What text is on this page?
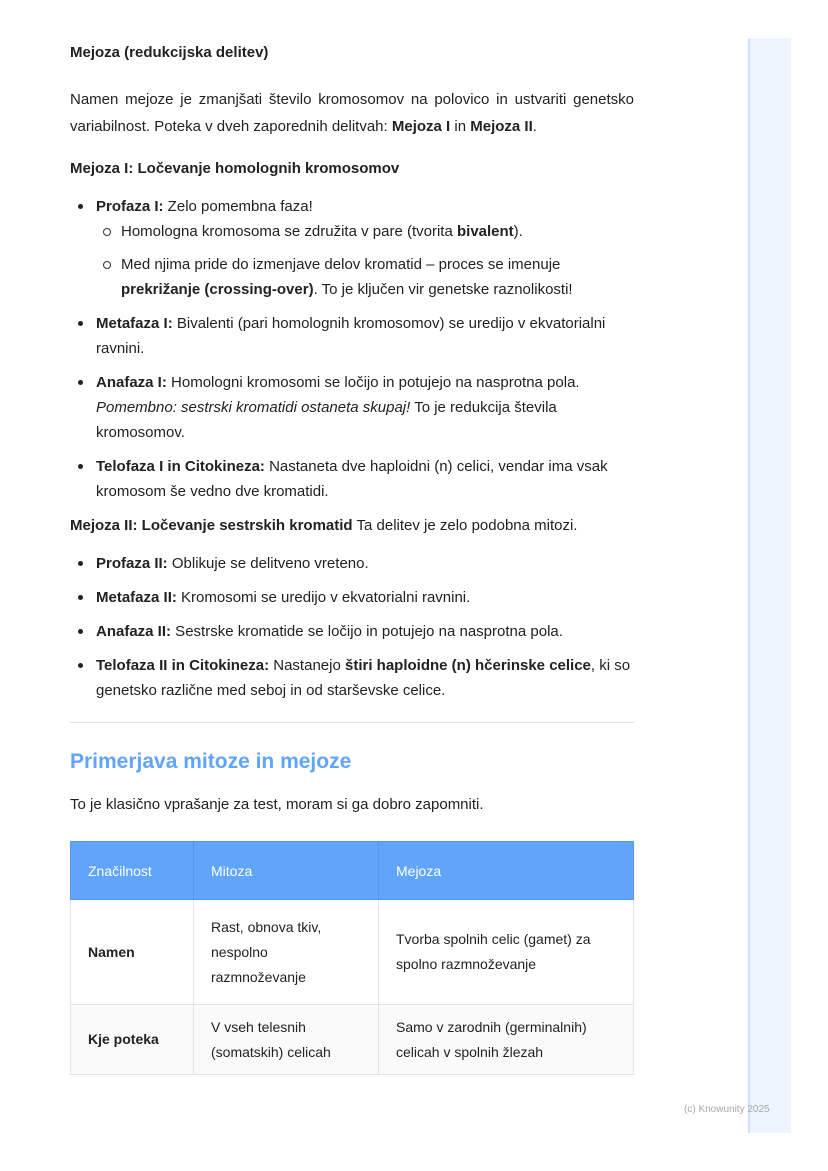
Mejoza (redukcijska delitev)

Namen mejoze je zmanjšati število kromosomov na polovico in ustvariti genetsko variabilnost. Poteka v dveh zaporednih delitvah: Mejoza I in Mejoza II.

Mejoza I: Ločevanje homolognih kromosomov
Profaza I: Zelo pomembna faza!
Homologna kromosoma se združita v pare (tvorita bivalent).
Med njima pride do izmenjave delov kromatid – proces se imenuje prekrižanje (crossing-over). To je ključen vir genetske raznolikosti!
Metafaza I: Bivalenti (pari homolognih kromosomov) se uredijo v ekvatorialni ravnini.
Anafaza I: Homologni kromosomi se ločijo in potujejo na nasprotna pola. Pomembno: sestrski kromatidi ostaneta skupaj! To je redukcija števila kromosomov.
Telofaza I in Citokineza: Nastaneta dve haploidni (n) celici, vendar ima vsak kromosom še vedno dve kromatidi.
Mejoza II: Ločevanje sestrskih kromatid Ta delitev je zelo podobna mitozi.
Profaza II: Oblikuje se delitveno vreteno.
Metafaza II: Kromosomi se uredijo v ekvatorialni ravnini.
Anafaza II: Sestrske kromatide se ločijo in potujejo na nasprotna pola.
Telofaza II in Citokineza: Nastanejo štiri haploidne (n) hčerinske celice, ki so genetsko različne med seboj in od starševske celice.
Primerjava mitoze in mejoze

To je klasično vprašanje za test, moram si ga dobro zapomniti.

Značilnost	Mitoza	Mejoza
Namen	Rast, obnova tkiv, nespolno razmnoževanje	Tvorba spolnih celic (gamet) za spolno razmnoževanje
Kje poteka	V vseh telesnih (somatskih) celicah	Samo v zarodnih (germinalnih) celicah v spolnih žlezah
(c) Knowunity 2025
